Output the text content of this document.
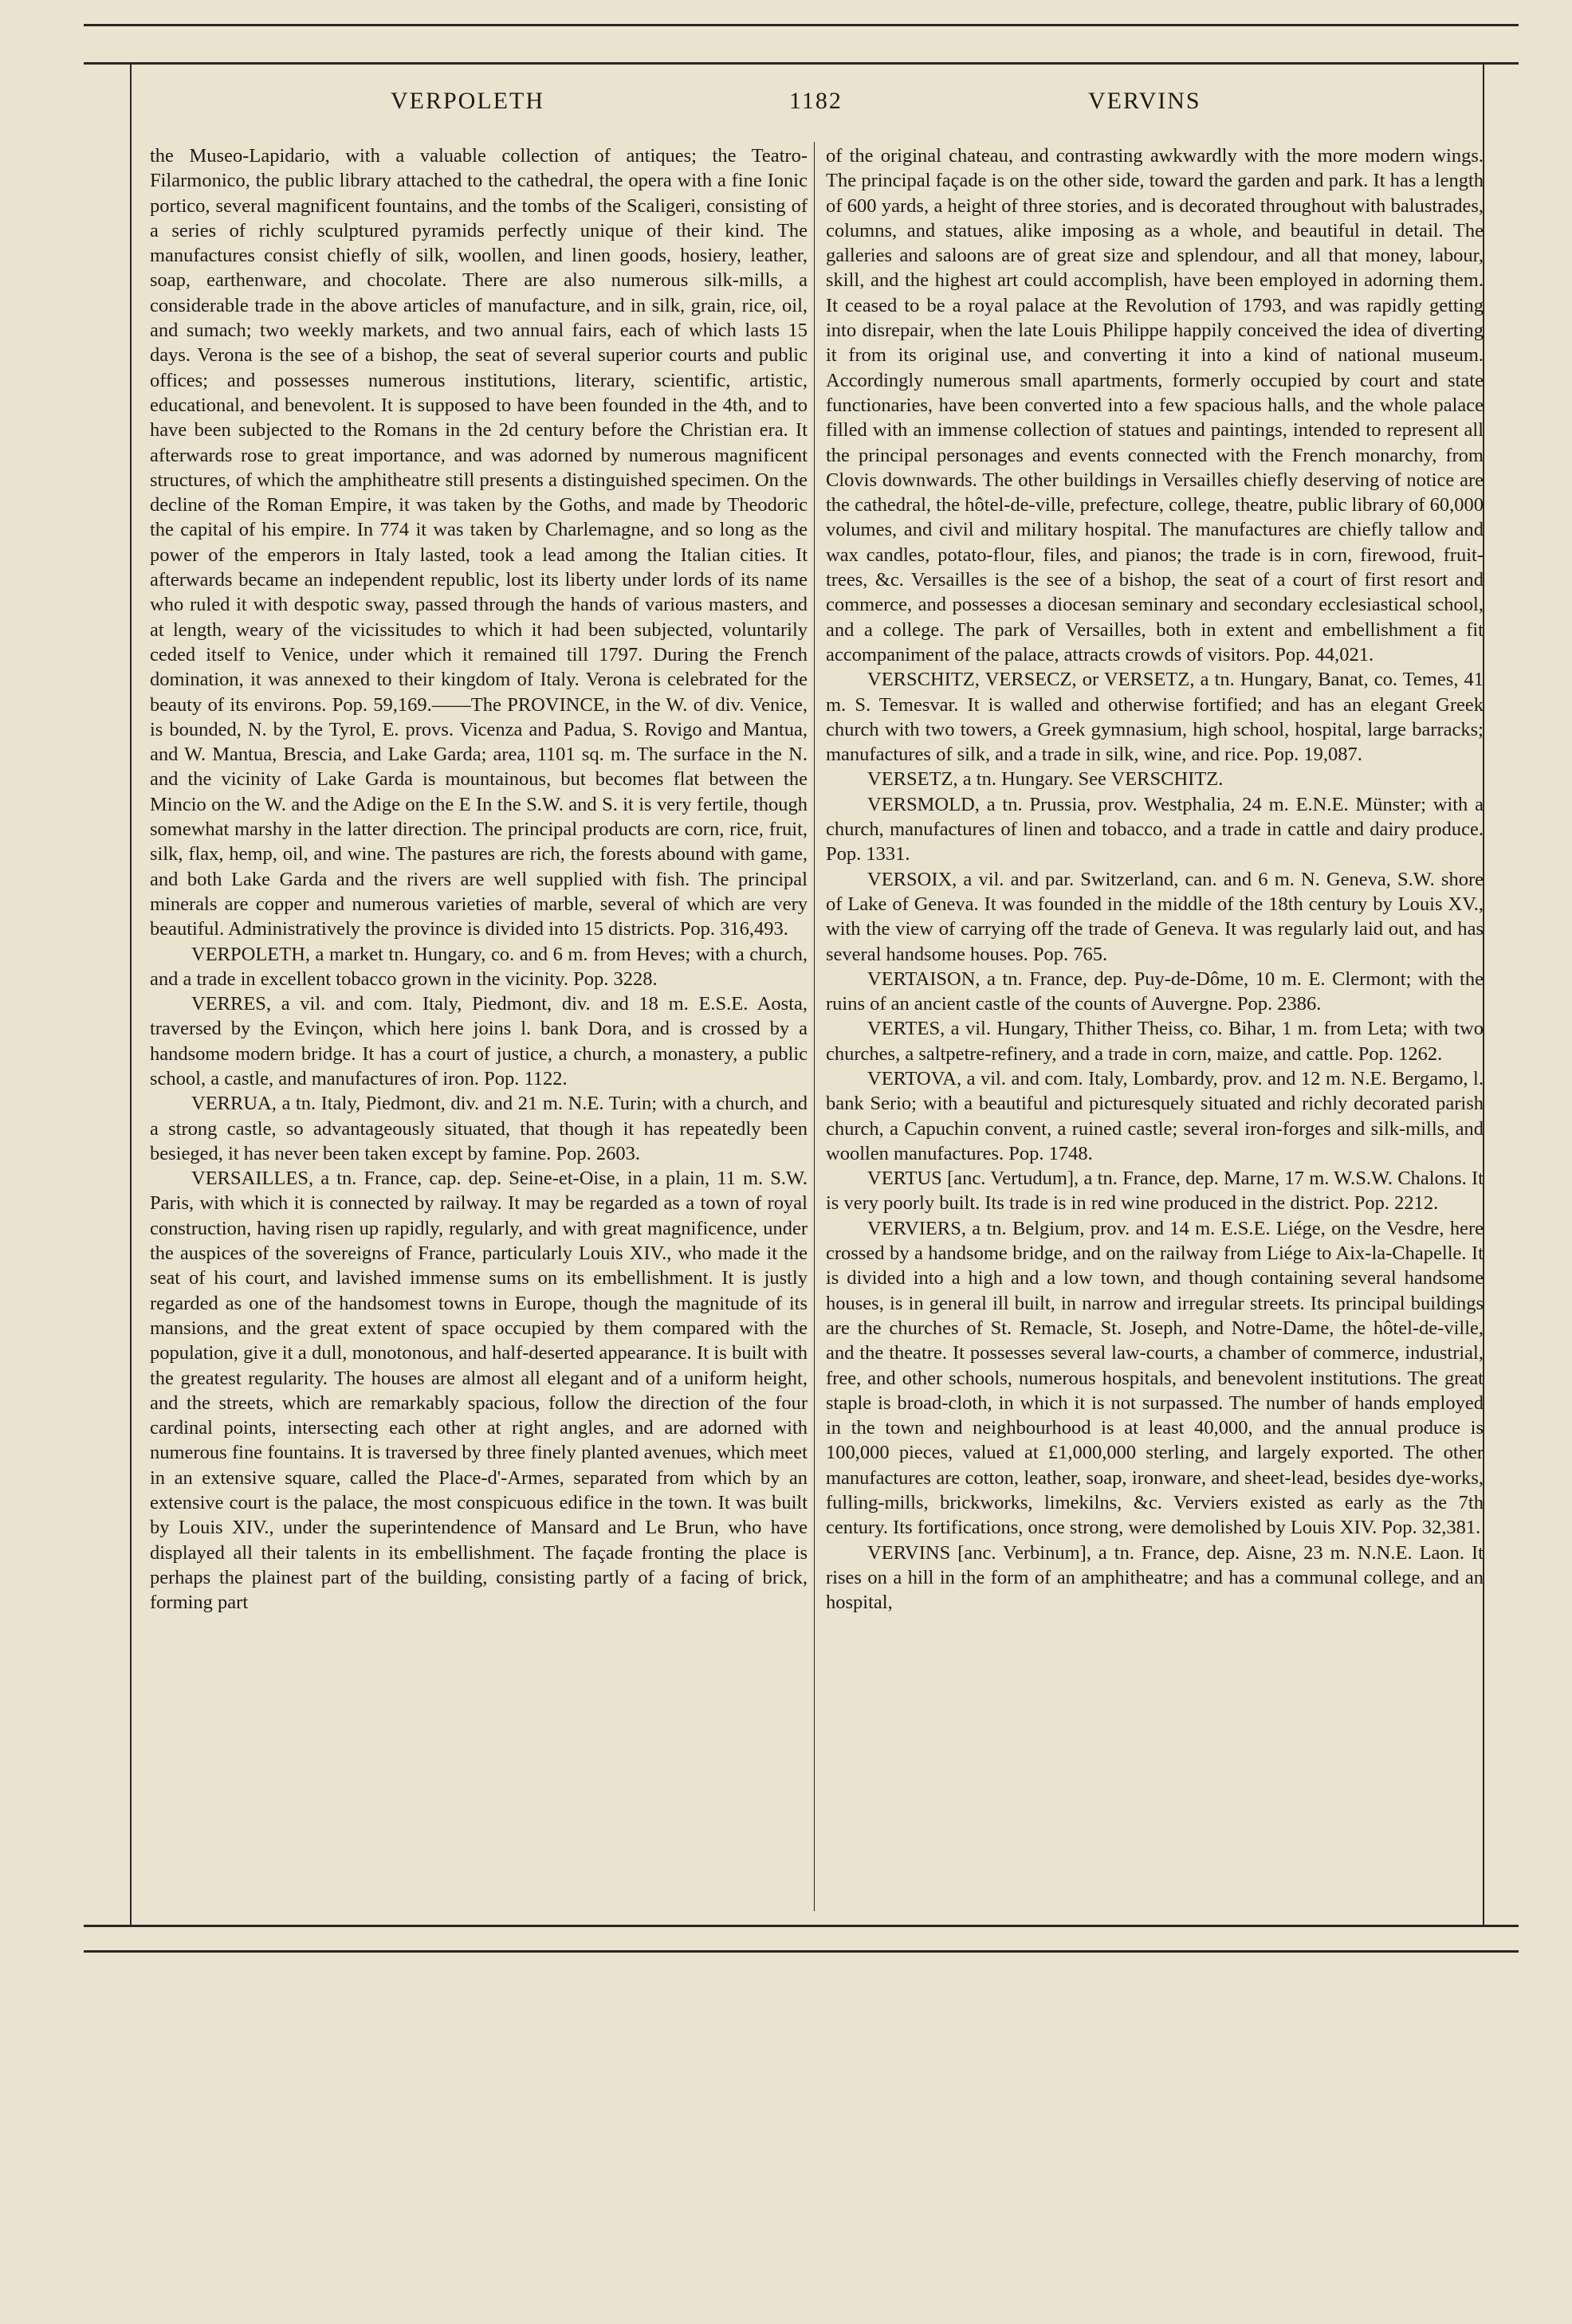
VERPOLETH	1182	VERVINS

the Museo-Lapidario, with a valuable collection of antiques; the Teatro-Filarmonico, the public library attached to the cathedral, the opera with a fine Ionic portico, several magnificent fountains, and the tombs of the Scaligeri, consisting of a series of richly sculptured pyramids perfectly unique of their kind. The manufactures consist chiefly of silk, woollen, and linen goods, hosiery, leather, soap, earthenware, and chocolate. There are also numerous silk-mills, a considerable trade in the above articles of manufacture, and in silk, grain, rice, oil, and sumach; two weekly markets, and two annual fairs, each of which lasts 15 days. Verona is the see of a bishop, the seat of several superior courts and public offices; and possesses numerous institutions, literary, scientific, artistic, educational, and benevolent. It is supposed to have been founded in the 4th, and to have been subjected to the Romans in the 2d century before the Christian era. It afterwards rose to great importance, and was adorned by numerous magnificent structures, of which the amphitheatre still presents a distinguished specimen. On the decline of the Roman Empire, it was taken by the Goths, and made by Theodoric the capital of his empire. In 774 it was taken by Charlemagne, and so long as the power of the emperors in Italy lasted, took a lead among the Italian cities. It afterwards became an independent republic, lost its liberty under lords of its name who ruled it with despotic sway, passed through the hands of various masters, and at length, weary of the vicissitudes to which it had been subjected, voluntarily ceded itself to Venice, under which it remained till 1797. During the French domination, it was annexed to their kingdom of Italy. Verona is celebrated for the beauty of its environs. Pop. 59,169.——The PROVINCE, in the W. of div. Venice, is bounded, N. by the Tyrol, E. provs. Vicenza and Padua, S. Rovigo and Mantua, and W. Mantua, Brescia, and Lake Garda; area, 1101 sq. m. The surface in the N. and the vicinity of Lake Garda is mountainous, but becomes flat between the Mincio on the W. and the Adige on the E In the S.W. and S. it is very fertile, though somewhat marshy in the latter direction. The principal products are corn, rice, fruit, silk, flax, hemp, oil, and wine. The pastures are rich, the forests abound with game, and both Lake Garda and the rivers are well supplied with fish. The principal minerals are copper and numerous varieties of marble, several of which are very beautiful. Administratively the province is divided into 15 districts. Pop. 316,493.

VERPOLETH, a market tn. Hungary, co. and 6 m. from Heves; with a church, and a trade in excellent tobacco grown in the vicinity. Pop. 3228.

VERRES, a vil. and com. Italy, Piedmont, div. and 18 m. E.S.E. Aosta, traversed by the Evinçon, which here joins l. bank Dora, and is crossed by a handsome modern bridge. It has a court of justice, a church, a monastery, a public school, a castle, and manufactures of iron. Pop. 1122.

VERRUA, a tn. Italy, Piedmont, div. and 21 m. N.E. Turin; with a church, and a strong castle, so advantageously situated, that though it has repeatedly been besieged, it has never been taken except by famine. Pop. 2603.

VERSAILLES, a tn. France, cap. dep. Seine-et-Oise, in a plain, 11 m. S.W. Paris, with which it is connected by railway. It may be regarded as a town of royal construction, having risen up rapidly, regularly, and with great magnificence, under the auspices of the sovereigns of France, particularly Louis XIV., who made it the seat of his court, and lavished immense sums on its embellishment. It is justly regarded as one of the handsomest towns in Europe, though the magnitude of its mansions, and the great extent of space occupied by them compared with the population, give it a dull, monotonous, and half-deserted appearance. It is built with the greatest regularity. The houses are almost all elegant and of a uniform height, and the streets, which are remarkably spacious, follow the direction of the four cardinal points, intersecting each other at right angles, and are adorned with numerous fine fountains. It is traversed by three finely planted avenues, which meet in an extensive square, called the Place-d'-Armes, separated from which by an extensive court is the palace, the most conspicuous edifice in the town. It was built by Louis XIV., under the superintendence of Mansard and Le Brun, who have displayed all their talents in its embellishment. The façade fronting the place is perhaps the plainest part of the building, consisting partly of a facing of brick, forming part

of the original chateau, and contrasting awkwardly with the more modern wings. The principal façade is on the other side, toward the garden and park. It has a length of 600 yards, a height of three stories, and is decorated throughout with balustrades, columns, and statues, alike imposing as a whole, and beautiful in detail. The galleries and saloons are of great size and splendour, and all that money, labour, skill, and the highest art could accomplish, have been employed in adorning them. It ceased to be a royal palace at the Revolution of 1793, and was rapidly getting into disrepair, when the late Louis Philippe happily conceived the idea of diverting it from its original use, and converting it into a kind of national museum. Accordingly numerous small apartments, formerly occupied by court and state functionaries, have been converted into a few spacious halls, and the whole palace filled with an immense collection of statues and paintings, intended to represent all the principal personages and events connected with the French monarchy, from Clovis downwards. The other buildings in Versailles chiefly deserving of notice are the cathedral, the hôtel-de-ville, prefecture, college, theatre, public library of 60,000 volumes, and civil and military hospital. The manufactures are chiefly tallow and wax candles, potato-flour, files, and pianos; the trade is in corn, firewood, fruit-trees, &c. Versailles is the see of a bishop, the seat of a court of first resort and commerce, and possesses a diocesan seminary and secondary ecclesiastical school, and a college. The park of Versailles, both in extent and embellishment a fit accompaniment of the palace, attracts crowds of visitors. Pop. 44,021.

VERSCHITZ, VERSECZ, or VERSETZ, a tn. Hungary, Banat, co. Temes, 41 m. S. Temesvar. It is walled and otherwise fortified; and has an elegant Greek church with two towers, a Greek gymnasium, high school, hospital, large barracks; manufactures of silk, and a trade in silk, wine, and rice. Pop. 19,087.

VERSETZ, a tn. Hungary. See VERSCHITZ.

VERSMOLD, a tn. Prussia, prov. Westphalia, 24 m. E.N.E. Münster; with a church, manufactures of linen and tobacco, and a trade in cattle and dairy produce. Pop. 1331.

VERSOIX, a vil. and par. Switzerland, can. and 6 m. N. Geneva, S.W. shore of Lake of Geneva. It was founded in the middle of the 18th century by Louis XV., with the view of carrying off the trade of Geneva. It was regularly laid out, and has several handsome houses. Pop. 765.

VERTAISON, a tn. France, dep. Puy-de-Dôme, 10 m. E. Clermont; with the ruins of an ancient castle of the counts of Auvergne. Pop. 2386.

VERTES, a vil. Hungary, Thither Theiss, co. Bihar, 1 m. from Leta; with two churches, a saltpetre-refinery, and a trade in corn, maize, and cattle. Pop. 1262.

VERTOVA, a vil. and com. Italy, Lombardy, prov. and 12 m. N.E. Bergamo, l. bank Serio; with a beautiful and picturesquely situated and richly decorated parish church, a Capuchin convent, a ruined castle; several iron-forges and silk-mills, and woollen manufactures. Pop. 1748.

VERTUS [anc. Vertudum], a tn. France, dep. Marne, 17 m. W.S.W. Chalons. It is very poorly built. Its trade is in red wine produced in the district. Pop. 2212.

VERVIERS, a tn. Belgium, prov. and 14 m. E.S.E. Liége, on the Vesdre, here crossed by a handsome bridge, and on the railway from Liége to Aix-la-Chapelle. It is divided into a high and a low town, and though containing several handsome houses, is in general ill built, in narrow and irregular streets. Its principal buildings are the churches of St. Remacle, St. Joseph, and Notre-Dame, the hôtel-de-ville, and the theatre. It possesses several law-courts, a chamber of commerce, industrial, free, and other schools, numerous hospitals, and benevolent institutions. The great staple is broad-cloth, in which it is not surpassed. The number of hands employed in the town and neighbourhood is at least 40,000, and the annual produce is 100,000 pieces, valued at £1,000,000 sterling, and largely exported. The other manufactures are cotton, leather, soap, ironware, and sheet-lead, besides dye-works, fulling-mills, brickworks, limekilns, &c. Verviers existed as early as the 7th century. Its fortifications, once strong, were demolished by Louis XIV. Pop. 32,381.

VERVINS [anc. Verbinum], a tn. France, dep. Aisne, 23 m. N.N.E. Laon. It rises on a hill in the form of an amphitheatre; and has a communal college, and an hospital,
